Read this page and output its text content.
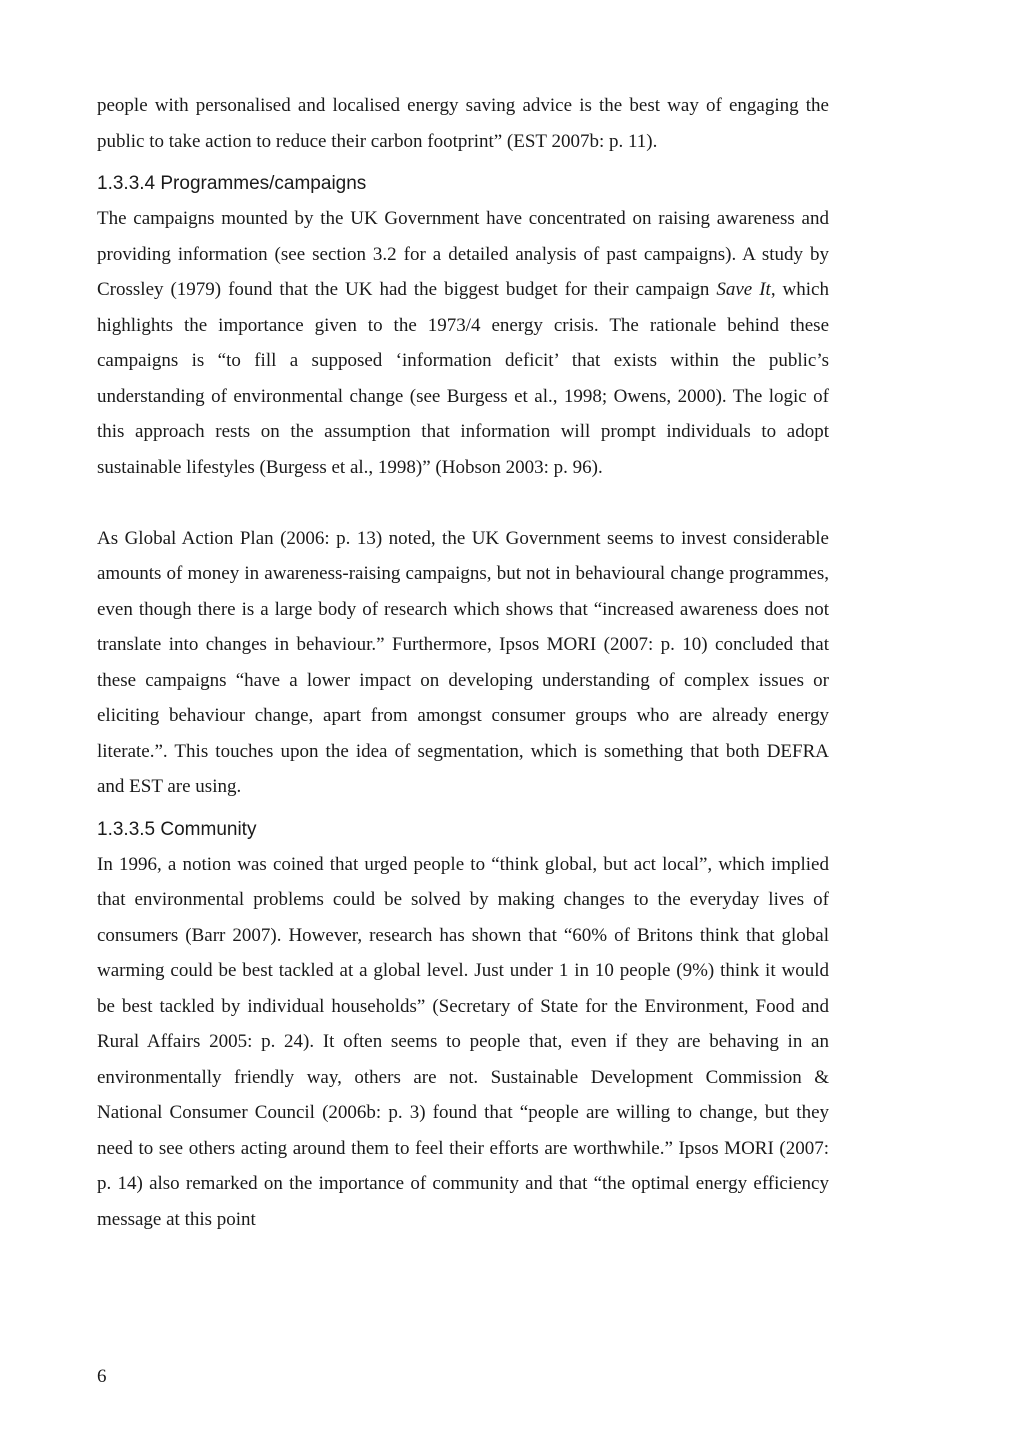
people with personalised and localised energy saving advice is the best way of engaging the public to take action to reduce their carbon footprint” (EST 2007b: p. 11).

1.3.3.4 Programmes/campaigns

The campaigns mounted by the UK Government have concentrated on raising awareness and providing information (see section 3.2 for a detailed analysis of past campaigns). A study by Crossley (1979) found that the UK had the biggest budget for their campaign Save It, which highlights the importance given to the 1973/4 energy crisis. The rationale behind these campaigns is “to fill a supposed ‘information deficit’ that exists within the public’s understanding of environmental change (see Burgess et al., 1998; Owens, 2000). The logic of this approach rests on the assumption that information will prompt individuals to adopt sustainable lifestyles (Burgess et al., 1998)” (Hobson 2003: p. 96).

As Global Action Plan (2006: p. 13) noted, the UK Government seems to invest considerable amounts of money in awareness-raising campaigns, but not in behavioural change programmes, even though there is a large body of research which shows that “increased awareness does not translate into changes in behaviour.” Furthermore, Ipsos MORI (2007: p. 10) concluded that these campaigns “have a lower impact on developing understanding of complex issues or eliciting behaviour change, apart from amongst consumer groups who are already energy literate.”. This touches upon the idea of segmentation, which is something that both DEFRA and EST are using.

1.3.3.5 Community

In 1996, a notion was coined that urged people to “think global, but act local”, which implied that environmental problems could be solved by making changes to the everyday lives of consumers (Barr 2007). However, research has shown that “60% of Britons think that global warming could be best tackled at a global level. Just under 1 in 10 people (9%) think it would be best tackled by individual households” (Secretary of State for the Environment, Food and Rural Affairs 2005: p. 24). It often seems to people that, even if they are behaving in an environmentally friendly way, others are not. Sustainable Development Commission & National Consumer Council (2006b: p. 3) found that “people are willing to change, but they need to see others acting around them to feel their efforts are worthwhile.” Ipsos MORI (2007: p. 14) also remarked on the importance of community and that “the optimal energy efficiency message at this point

6
